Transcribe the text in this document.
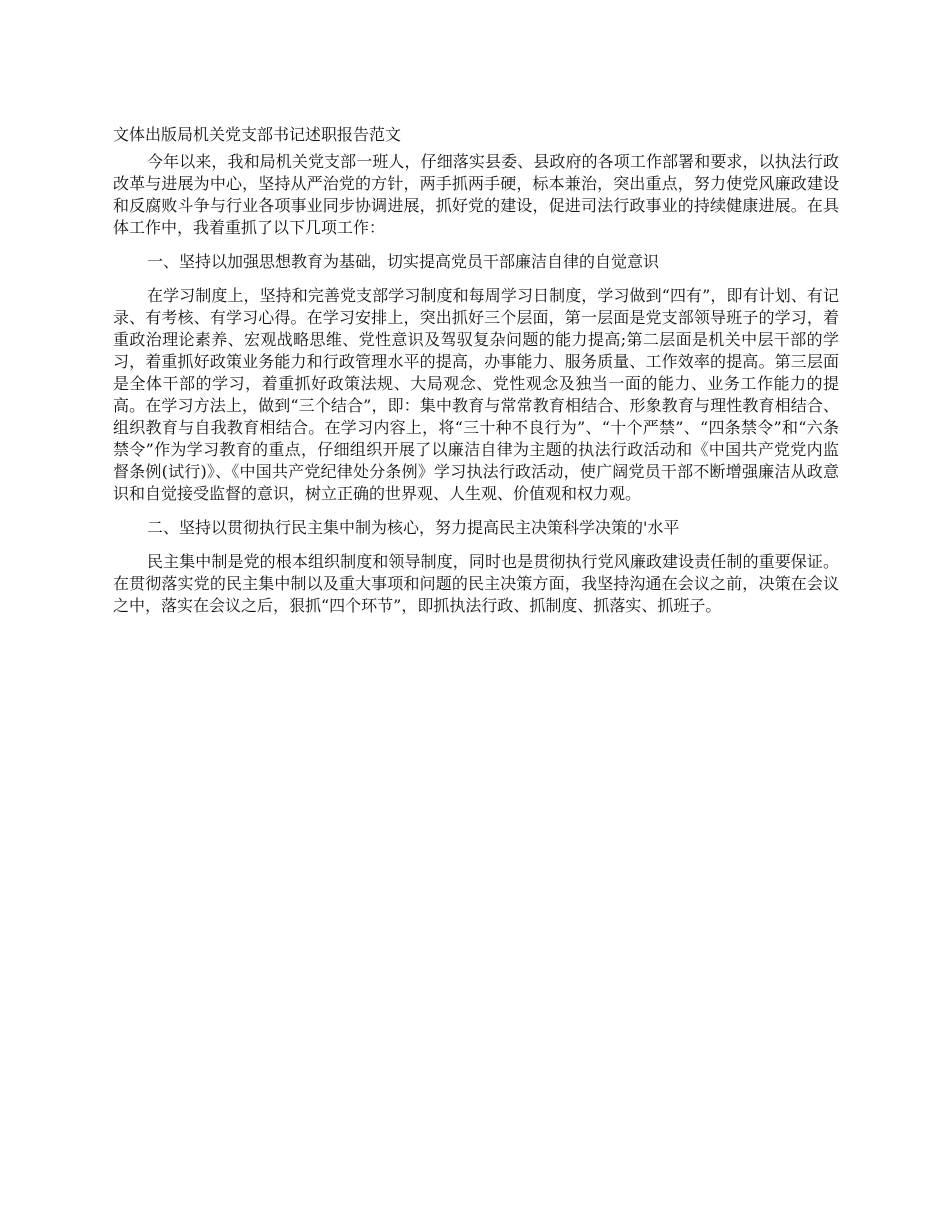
文体出版局机关党支部书记述职报告范文

今年以来，我和局机关党支部一班人，仔细落实县委、县政府的各项工作部署和要求，以执法行政改革与进展为中心，坚持从严治党的方针，两手抓两手硬，标本兼治，突出重点，努力使党风廉政建设和反腐败斗争与行业各项事业同步协调进展，抓好党的建设，促进司法行政事业的持续健康进展。在具体工作中，我着重抓了以下几项工作：

一、坚持以加强思想教育为基础，切实提高党员干部廉洁自律的自觉意识

在学习制度上，坚持和完善党支部学习制度和每周学习日制度，学习做到“四有”，即有计划、有记录、有考核、有学习心得。在学习安排上，突出抓好三个层面，第一层面是党支部领导班子的学习，着重政治理论素养、宏观战略思维、党性意识及驾驭复杂问题的能力提高;第二层面是机关中层干部的学习，着重抓好政策业务能力和行政管理水平的提高，办事能力、服务质量、工作效率的提高。第三层面是全体干部的学习，着重抓好政策法规、大局观念、党性观念及独当一面的能力、业务工作能力的提高。在学习方法上，做到“三个结合”，即：集中教育与常常教育相结合、形象教育与理性教育相结合、组织教育与自我教育相结合。在学习内容上，将“三十种不良行为”、“十个严禁”、“四条禁令”和“六条禁令”作为学习教育的重点，仔细组织开展了以廉洁自律为主题的执法行政活动和《中国共产党党内监督条例(试行)》、《中国共产党纪律处分条例》学习执法行政活动，使广阔党员干部不断增强廉洁从政意识和自觉接受监督的意识，树立正确的世界观、人生观、价值观和权力观。

二、坚持以贯彻执行民主集中制为核心，努力提高民主决策科学决策的'水平

民主集中制是党的根本组织制度和领导制度，同时也是贯彻执行党风廉政建设责任制的重要保证。在贯彻落实党的民主集中制以及重大事项和问题的民主决策方面，我坚持沟通在会议之前，决策在会议之中，落实在会议之后，狠抓“四个环节”，即抓执法行政、抓制度、抓落实、抓班子。
